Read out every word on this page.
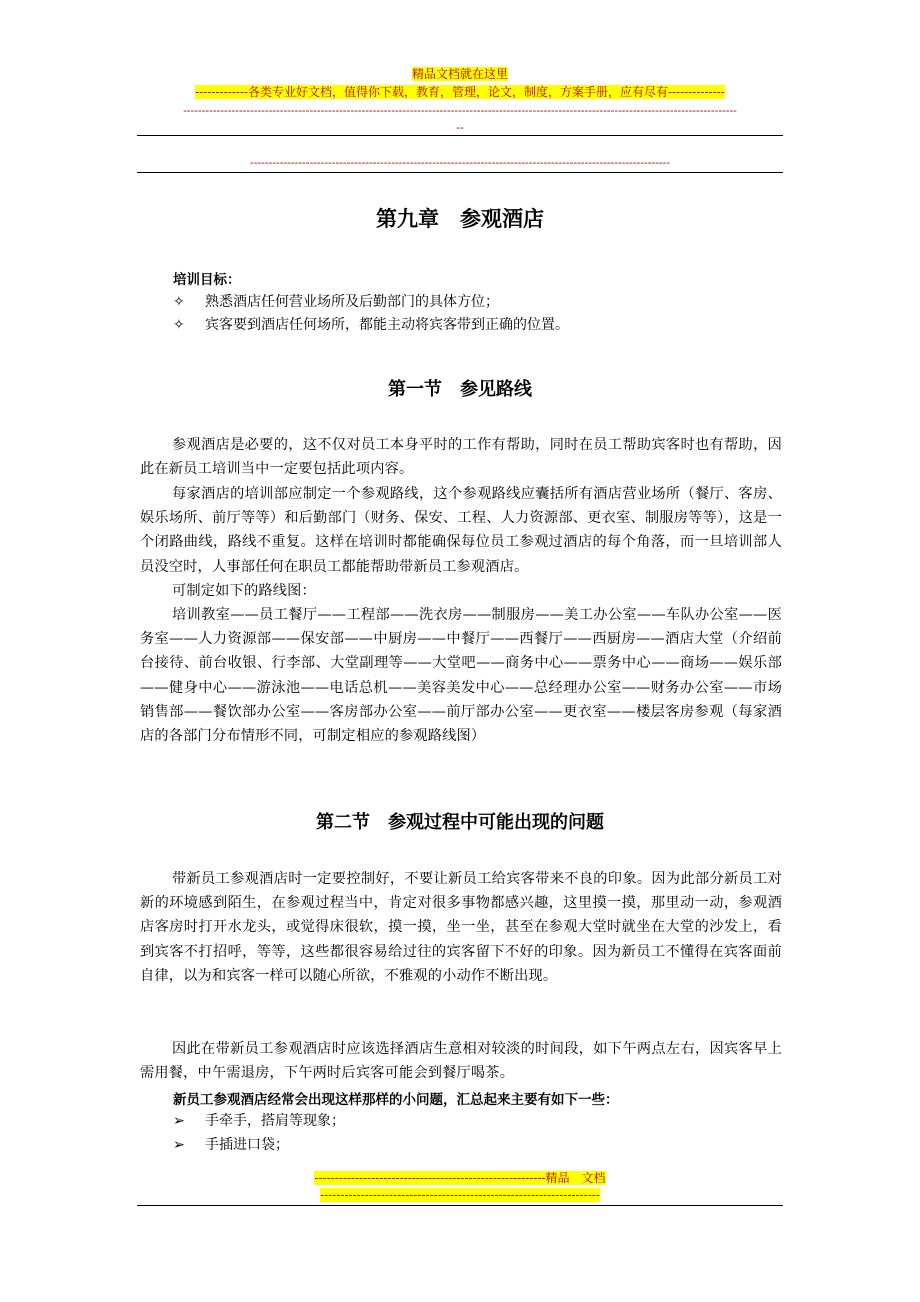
精品文档就在这里
-------------各类专业好文档，值得你下载，教育，管理，论文，制度，方案手册，应有尽有--------------
-----------------------------------------------------------------------------------------------------------------------------------------------------
--
-----------------------------------------------------------------------------------------------------------------
第九章　参观酒店
培训目标：
✧ 熟悉酒店任何营业场所及后勤部门的具体方位；
✧ 宾客要到酒店任何场所，都能主动将宾客带到正确的位置。
第一节　参见路线
参观酒店是必要的，这不仅对员工本身平时的工作有帮助，同时在员工帮助宾客时也有帮助，因此在新员工培训当中一定要包括此项内容。
每家酒店的培训部应制定一个参观路线，这个参观路线应囊括所有酒店营业场所（餐厅、客房、娱乐场所、前厅等等）和后勤部门（财务、保安、工程、人力资源部、更衣室、制服房等等），这是一个闭路曲线，路线不重复。这样在培训时都能确保每位员工参观过酒店的每个角落，而一旦培训部人员没空时，人事部任何在职员工都能帮助带新员工参观酒店。
可制定如下的路线图：
培训教室——员工餐厅——工程部——洗衣房——制服房——美工办公室——车队办公室——医务室——人力资源部——保安部——中厨房——中餐厅——西餐厅——西厨房——酒店大堂（介绍前台接待、前台收银、行李部、大堂副理等——大堂吧——商务中心——票务中心——商场——娱乐部——健身中心——游泳池——电话总机——美容美发中心——总经理办公室——财务办公室——市场销售部——餐饮部办公室——客房部办公室——前厅部办公室——更衣室——楼层客房参观（每家酒店的各部门分布情形不同，可制定相应的参观路线图）
第二节　参观过程中可能出现的问题
带新员工参观酒店时一定要控制好，不要让新员工给宾客带来不良的印象。因为此部分新员工对新的环境感到陌生，在参观过程当中，肯定对很多事物都感兴趣，这里摸一摸，那里动一动，参观酒店客房时打开水龙头，或觉得床很软，摸一摸，坐一坐，甚至在参观大堂时就坐在大堂的沙发上，看到宾客不打招呼，等等，这些都很容易给过往的宾客留下不好的印象。因为新员工不懂得在宾客面前自律，以为和宾客一样可以随心所欲，不雅观的小动作不断出现。
因此在带新员工参观酒店时应该选择酒店生意相对较淡的时间段，如下午两点左右，因宾客早上需用餐，中午需退房，下午两时后宾客可能会到餐厅喝茶。
新员工参观酒店经常会出现这样那样的小问题，汇总起来主要有如下一些：
➢ 手牵手，搭肩等现象；
➢ 手插进口袋；
---------------------------------------------------------精品　文档
---------------------------------------------------------------------
